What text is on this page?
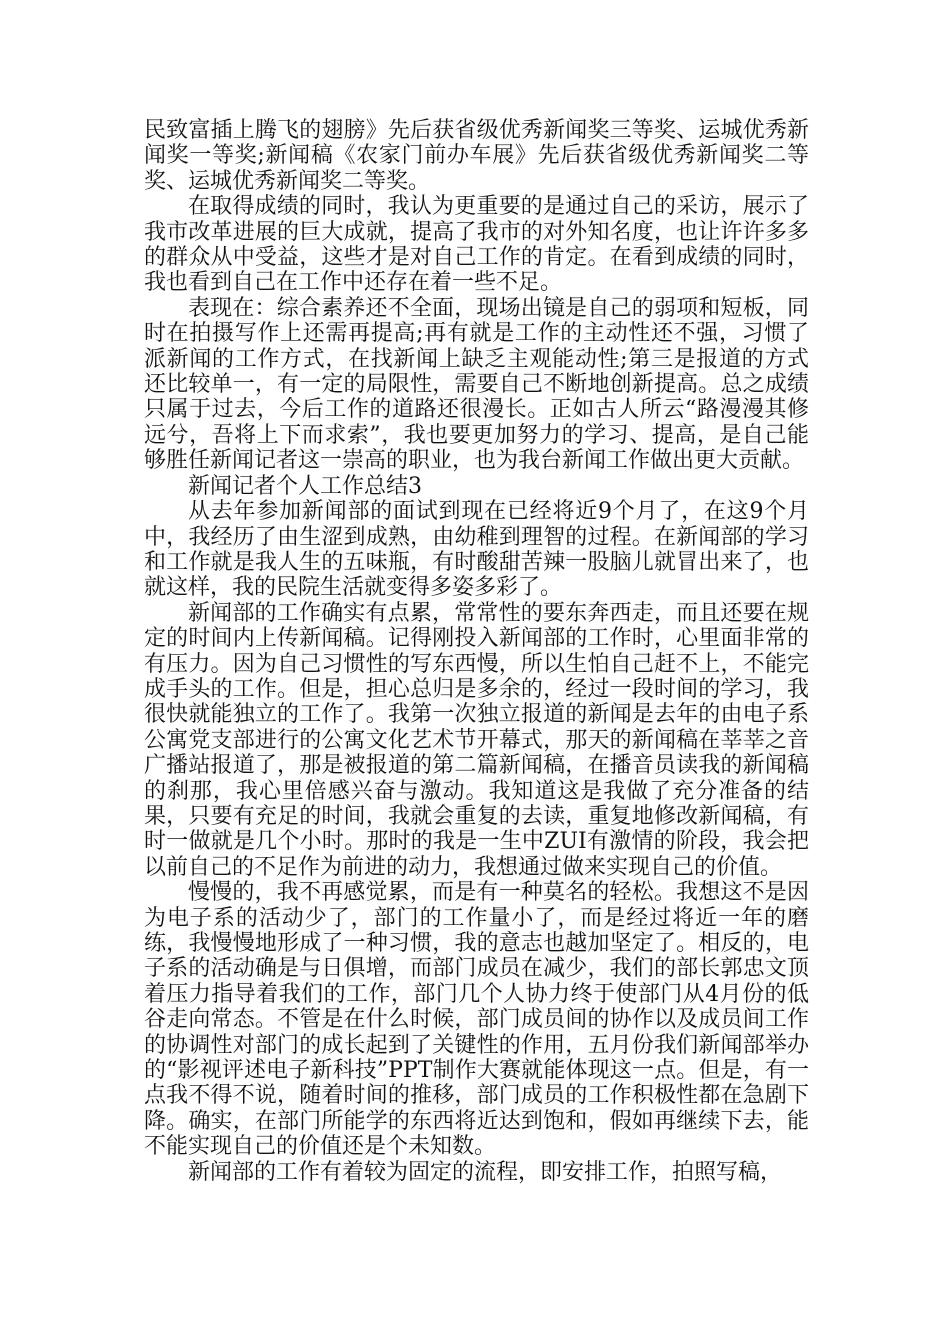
民致富插上腾飞的翅膀》先后获省级优秀新闻奖三等奖、运城优秀新闻奖一等奖;新闻稿《农家门前办车展》先后获省级优秀新闻奖二等奖、运城优秀新闻奖二等奖。

在取得成绩的同时，我认为更重要的是通过自己的采访，展示了我市改革进展的巨大成就，提高了我市的对外知名度，也让许许多多的群众从中受益，这些才是对自己工作的肯定。在看到成绩的同时，我也看到自己在工作中还存在着一些不足。

表现在：综合素养还不全面，现场出镜是自己的弱项和短板，同时在拍摄写作上还需再提高;再有就是工作的主动性还不强，习惯了派新闻的工作方式，在找新闻上缺乏主观能动性;第三是报道的方式还比较单一，有一定的局限性，需要自己不断地创新提高。总之成绩只属于过去，今后工作的道路还很漫长。正如古人所云“路漫漫其修远兮，吾将上下而求索”，我也要更加努力的学习、提高，是自己能够胜任新闻记者这一崇高的职业，也为我台新闻工作做出更大贡献。

新闻记者个人工作总结3

从去年参加新闻部的面试到现在已经将近9个月了，在这9个月中，我经历了由生涩到成熟，由幼稚到理智的过程。在新闻部的学习和工作就是我人生的五味瓶，有时酸甜苦辣一股脑儿就冒出来了，也就这样，我的民院生活就变得多姿多彩了。

新闻部的工作确实有点累，常常性的要东奔西走，而且还要在规定的时间内上传新闻稿。记得刚投入新闻部的工作时，心里面非常的有压力。因为自己习惯性的写东西慢，所以生怕自己赶不上，不能完成手头的工作。但是，担心总归是多余的，经过一段时间的学习，我很快就能独立的工作了。我第一次独立报道的新闻是去年的由电子系公寓党支部进行的公寓文化艺术节开幕式，那天的新闻稿在莘莘之音广播站报道了，那是被报道的第二篇新闻稿，在播音员读我的新闻稿的刹那，我心里倍感兴奋与激动。我知道这是我做了充分准备的结果，只要有充足的时间，我就会重复的去读，重复地修改新闻稿，有时一做就是几个小时。那时的我是一生中ZUI有激情的阶段，我会把以前自己的不足作为前进的动力，我想通过做来实现自己的价值。

慢慢的，我不再感觉累，而是有一种莫名的轻松。我想这不是因为电子系的活动少了，部门的工作量小了，而是经过将近一年的磨练，我慢慢地形成了一种习惯，我的意志也越加坚定了。相反的，电子系的活动确是与日俱增，而部门成员在减少，我们的部长郭忠文顶着压力指导着我们的工作，部门几个人协力终于使部门从4月份的低谷走向常态。不管是在什么时候，部门成员间的协作以及成员间工作的协调性对部门的成长起到了关键性的作用，五月份我们新闻部举办的“影视评述电子新科技”PPT制作大赛就能体现这一点。但是，有一点我不得不说，随着时间的推移，部门成员的工作积极性都在急剧下降。确实，在部门所能学的东西将近达到饱和，假如再继续下去，能不能实现自己的价值还是个未知数。

新闻部的工作有着较为固定的流程，即安排工作，拍照写稿，
